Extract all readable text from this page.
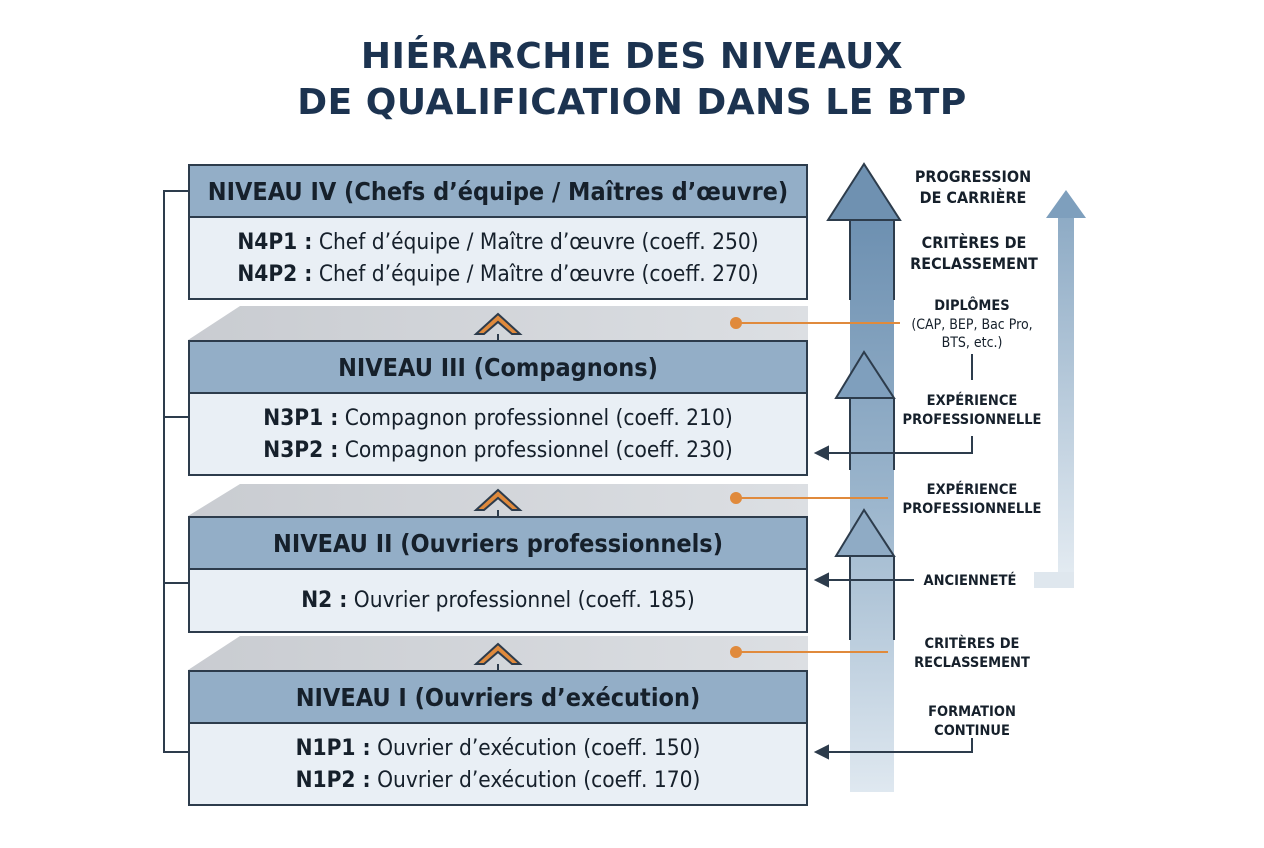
HIÉRARCHIE DES NIVEAUX
DE QUALIFICATION DANS LE BTP
NIVEAU IV (Chefs d’équipe / Maîtres d’œuvre)
N4P1 : Chef d’équipe / Maître d’œuvre (coeff. 250)
N4P2 : Chef d’équipe / Maître d’œuvre (coeff. 270)
NIVEAU III (Compagnons)
N3P1 : Compagnon professionnel (coeff. 210)
N3P2 : Compagnon professionnel (coeff. 230)
NIVEAU II (Ouvriers professionnels)
N2 : Ouvrier professionnel (coeff. 185)
NIVEAU I (Ouvriers d’exécution)
N1P1 : Ouvrier d’exécution (coeff. 150)
N1P2 : Ouvrier d’exécution (coeff. 170)
PROGRESSION
DE CARRIÈRE
CRITÈRES DE
RECLASSEMENT
DIPLÔMES
(CAP, BEP, Bac Pro,
BTS, etc.)
EXPÉRIENCE
PROFESSIONNELLE
EXPÉRIENCE
PROFESSIONNELLE
ANCIENNETÉ
CRITÈRES DE
RECLASSEMENT
FORMATION
CONTINUE
